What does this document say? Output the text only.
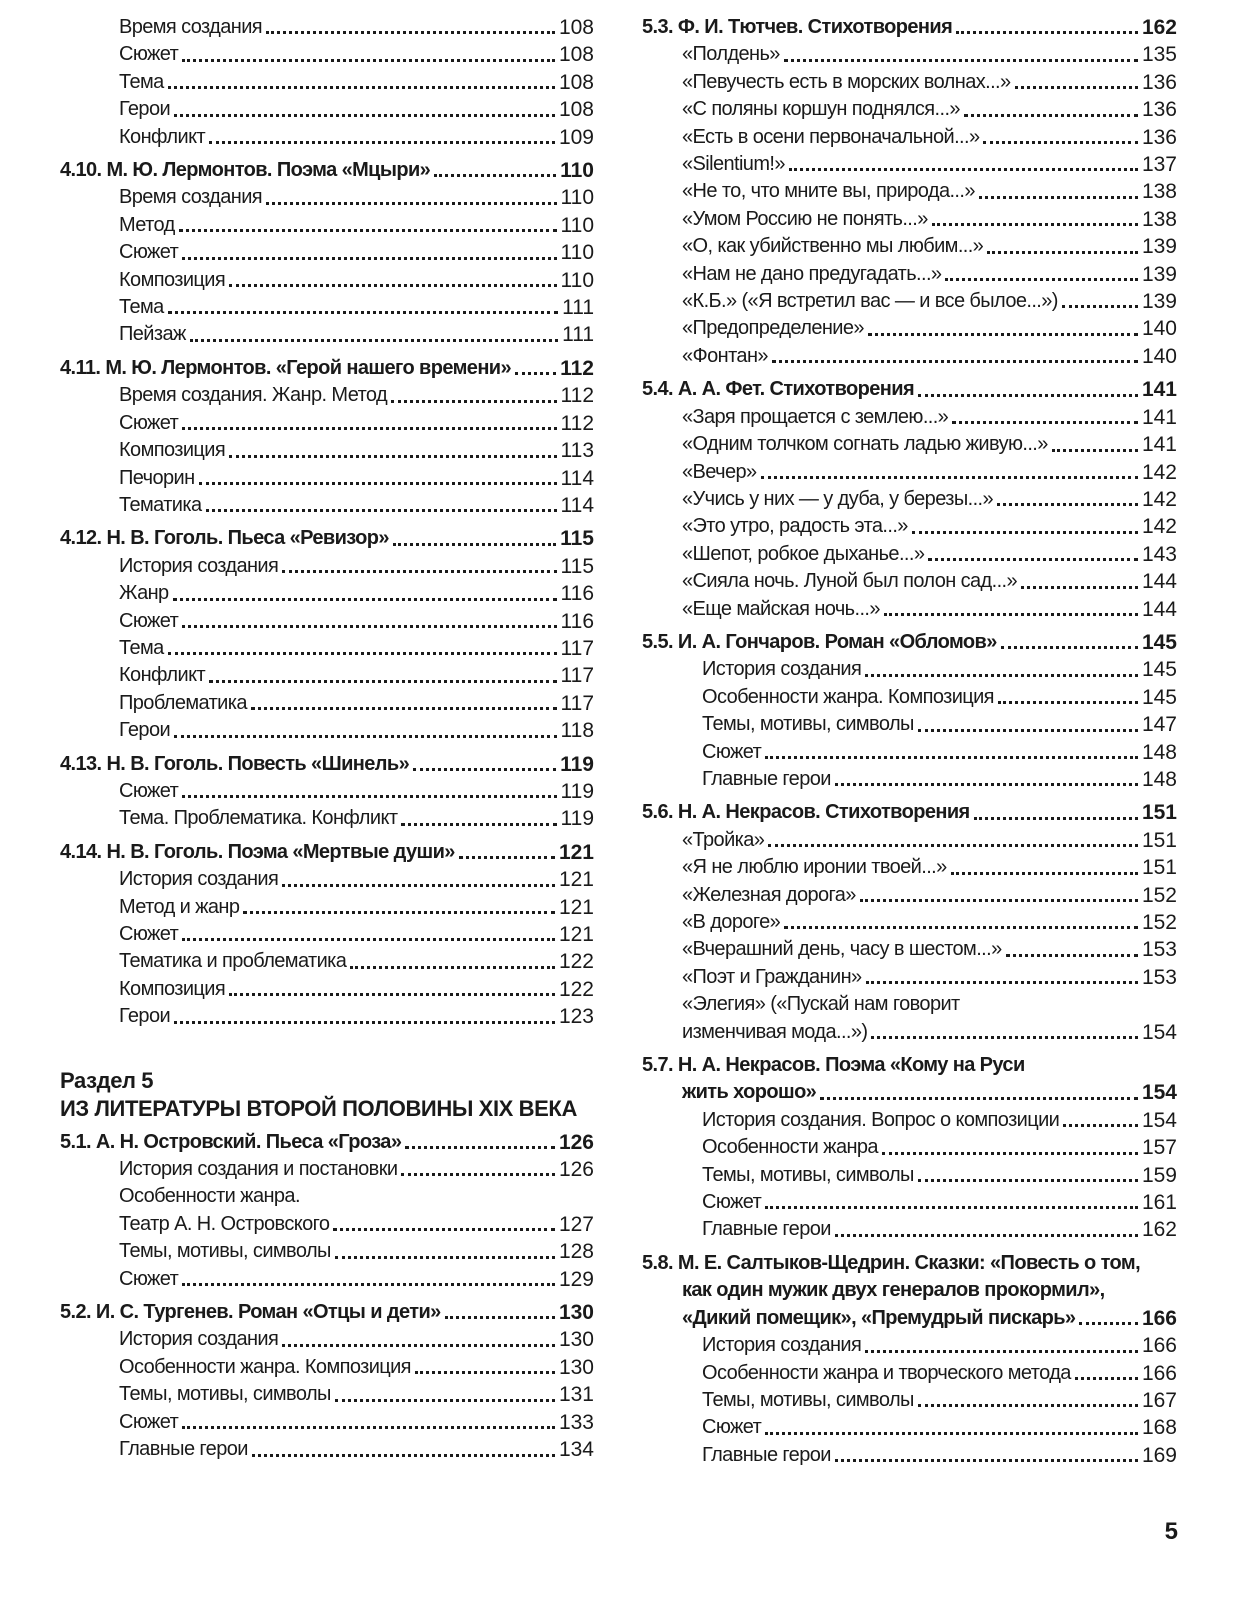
Время создания	108
Сюжет	108
Тема	108
Герои	108
Конфликт	109
4.10. М. Ю. Лермонтов. Поэма «Мцыри»	110
Время создания	110
Метод	110
Сюжет	110
Композиция	110
Тема	111
Пейзаж	111
4.11. М. Ю. Лермонтов. «Герой нашего времени» 112
Время создания. Жанр. Метод	112
Сюжет	112
Композиция	113
Печорин	114
Тематика	114
4.12. Н. В. Гоголь. Пьеса «Ревизор»	115
История создания	115
Жанр	116
Сюжет	116
Тема	117
Конфликт	117
Проблематика	117
Герои	118
4.13. Н. В. Гоголь. Повесть «Шинель»	119
Сюжет	119
Тема. Проблематика. Конфликт	119
4.14. Н. В. Гоголь. Поэма «Мертвые души»	121
История создания	121
Метод и жанр	121
Сюжет	121
Тематика и проблематика	122
Композиция	122
Герои	123
Раздел 5
ИЗ ЛИТЕРАТУРЫ ВТОРОЙ ПОЛОВИНЫ XIX ВЕКА
5.1. А. Н. Островский. Пьеса «Гроза»	126
История создания и постановки	126
Особенности жанра.
Театр А. Н. Островского	127
Темы, мотивы, символы	128
Сюжет	129
5.2. И. С. Тургенев. Роман «Отцы и дети»	130
История создания	130
Особенности жанра. Композиция	130
Темы, мотивы, символы	131
Сюжет	133
Главные герои	134
5.3. Ф. И. Тютчев. Стихотворения	162
«Полдень»	135
«Певучесть есть в морских волнах...»	136
«С поляны коршун поднялся...»	136
«Есть в осени первоначальной...»	136
«Silentium!»	137
«Не то, что мните вы, природа...»	138
«Умом Россию не понять...»	138
«О, как убийственно мы любим...»	139
«Нам не дано предугадать...»	139
«К.Б.» («Я встретил вас — и все былое...»)	139
«Предопределение»	140
«Фонтан»	140
5.4. А. А. Фет. Стихотворения	141
«Заря прощается с землею...»	141
«Одним толчком согнать ладью живую...»	141
«Вечер»	142
«Учись у них — у дуба, у березы...»	142
«Это утро, радость эта...»	142
«Шепот, робкое дыханье...»	143
«Сияла ночь. Луной был полон сад...»	144
«Еще майская ночь...»	144
5.5. И. А. Гончаров. Роман «Обломов»	145
История создания	145
Особенности жанра. Композиция	145
Темы, мотивы, символы	147
Сюжет	148
Главные герои	148
5.6. Н. А. Некрасов. Стихотворения	151
«Тройка»	151
«Я не люблю иронии твоей...»	151
«Железная дорога»	152
«В дороге»	152
«Вчерашний день, часу в шестом...»	153
«Поэт и Гражданин»	153
«Элегия» («Пускай нам говорит
изменчивая мода...»)	154
5.7. Н. А. Некрасов. Поэма «Кому на Руси
жить хорошо»	154
История создания. Вопрос о композиции	154
Особенности жанра	157
Темы, мотивы, символы	159
Сюжет	161
Главные герои	162
5.8. М. Е. Салтыков-Щедрин. Сказки: «Повесть о том,
как один мужик двух генералов прокормил»,
«Дикий помещик», «Премудрый пискарь»	166
История создания	166
Особенности жанра и творческого метода	166
Темы, мотивы, символы	167
Сюжет	168
Главные герои	169
5
